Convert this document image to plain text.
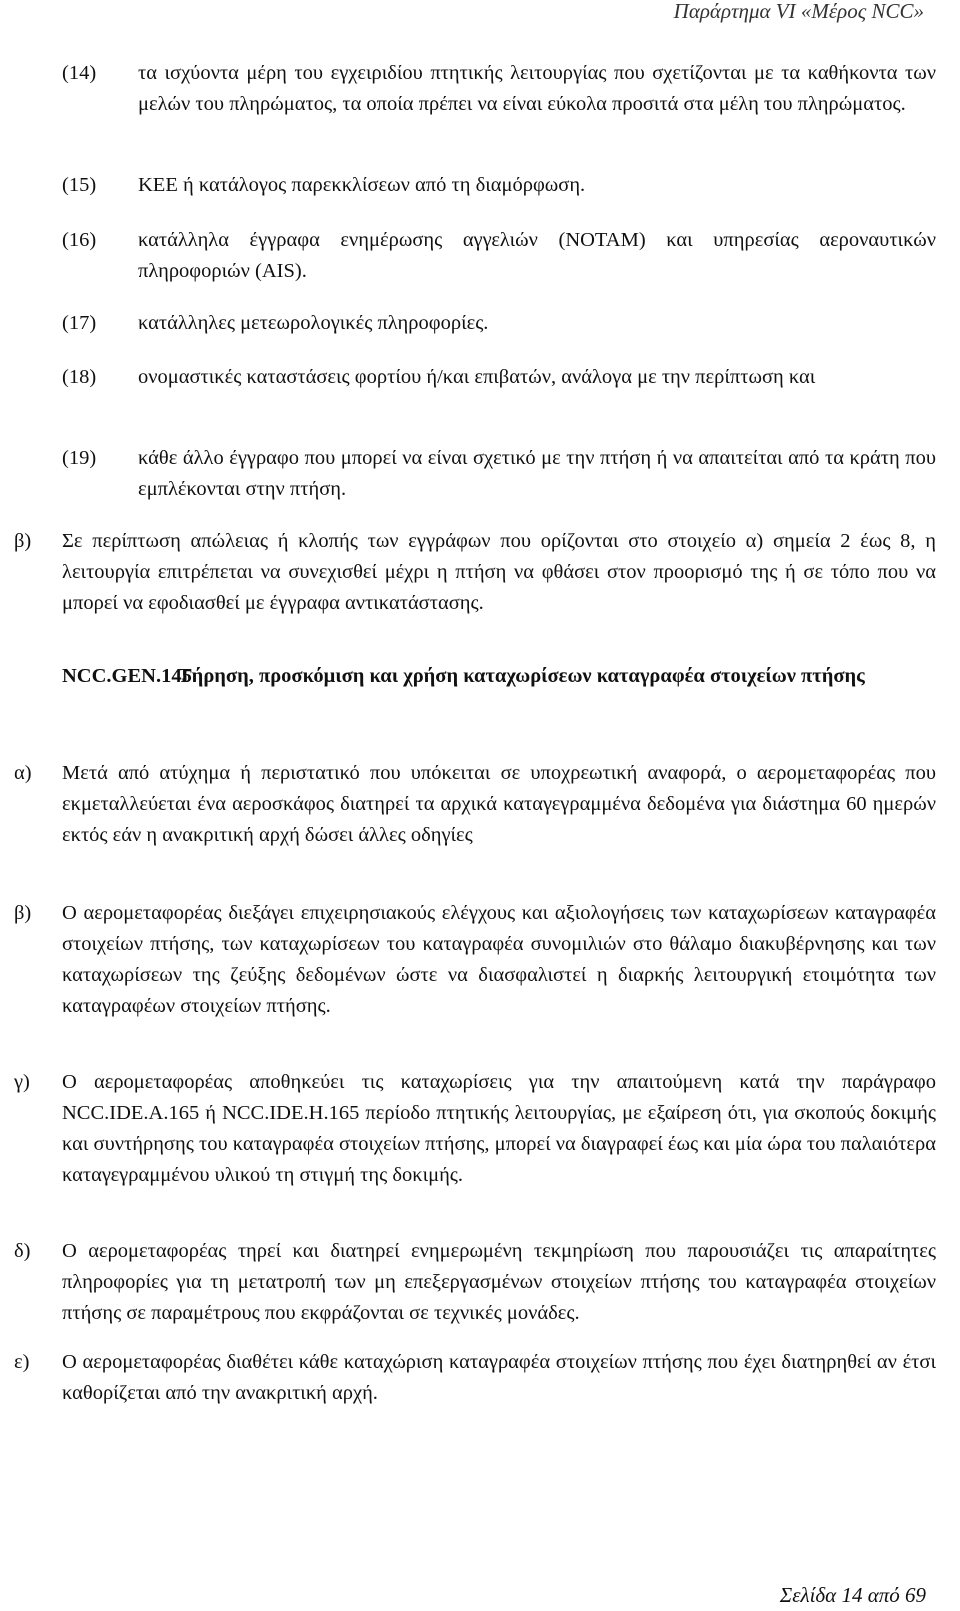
Παράρτημα VI «Μέρος NCC»
(14) τα ισχύοντα μέρη του εγχειριδίου πτητικής λειτουργίας που σχετίζονται με τα καθήκοντα των μελών του πληρώματος, τα οποία πρέπει να είναι εύκολα προσιτά στα μέλη του πληρώματος.
(15) ΚΕΕ ή κατάλογος παρεκκλίσεων από τη διαμόρφωση.
(16) κατάλληλα έγγραφα ενημέρωσης αγγελιών (NOTAM) και υπηρεσίας αεροναυτικών πληροφοριών (AIS).
(17) κατάλληλες μετεωρολογικές πληροφορίες.
(18) ονομαστικές καταστάσεις φορτίου ή/και επιβατών, ανάλογα με την περίπτωση και
(19) κάθε άλλο έγγραφο που μπορεί να είναι σχετικό με την πτήση ή να απαιτείται από τα κράτη που εμπλέκονται στην πτήση.
β) Σε περίπτωση απώλειας ή κλοπής των εγγράφων που ορίζονται στο στοιχείο α) σημεία 2 έως 8, η λειτουργία επιτρέπεται να συνεχισθεί μέχρι η πτήση να φθάσει στον προορισμό της ή σε τόπο που να μπορεί να εφοδιασθεί με έγγραφα αντικατάστασης.
NCC.GEN.145
Τήρηση, προσκόμιση και χρήση καταχωρίσεων καταγραφέα στοιχείων πτήσης
α) Μετά από ατύχημα ή περιστατικό που υπόκειται σε υποχρεωτική αναφορά, ο αερομεταφορέας που εκμεταλλεύεται ένα αεροσκάφος διατηρεί τα αρχικά καταγεγραμμένα δεδομένα για διάστημα 60 ημερών εκτός εάν η ανακριτική αρχή δώσει άλλες οδηγίες
β) Ο αερομεταφορέας διεξάγει επιχειρησιακούς ελέγχους και αξιολογήσεις των καταχωρίσεων καταγραφέα στοιχείων πτήσης, των καταχωρίσεων του καταγραφέα συνομιλιών στο θάλαμο διακυβέρνησης και των καταχωρίσεων της ζεύξης δεδομένων ώστε να διασφαλιστεί η διαρκής λειτουργική ετοιμότητα των καταγραφέων στοιχείων πτήσης.
γ) Ο αερομεταφορέας αποθηκεύει τις καταχωρίσεις για την απαιτούμενη κατά την παράγραφο NCC.IDE.A.165 ή NCC.IDE.H.165 περίοδο πτητικής λειτουργίας, με εξαίρεση ότι, για σκοπούς δοκιμής και συντήρησης του καταγραφέα στοιχείων πτήσης, μπορεί να διαγραφεί έως και μία ώρα του παλαιότερα καταγεγραμμένου υλικού τη στιγμή της δοκιμής.
δ) Ο αερομεταφορέας τηρεί και διατηρεί ενημερωμένη τεκμηρίωση που παρουσιάζει τις απαραίτητες πληροφορίες για τη μετατροπή των μη επεξεργασμένων στοιχείων πτήσης του καταγραφέα στοιχείων πτήσης σε παραμέτρους που εκφράζονται σε τεχνικές μονάδες.
ε) Ο αερομεταφορέας διαθέτει κάθε καταχώριση καταγραφέα στοιχείων πτήσης που έχει διατηρηθεί αν έτσι καθορίζεται από την ανακριτική αρχή.
Σελίδα 14 από 69
